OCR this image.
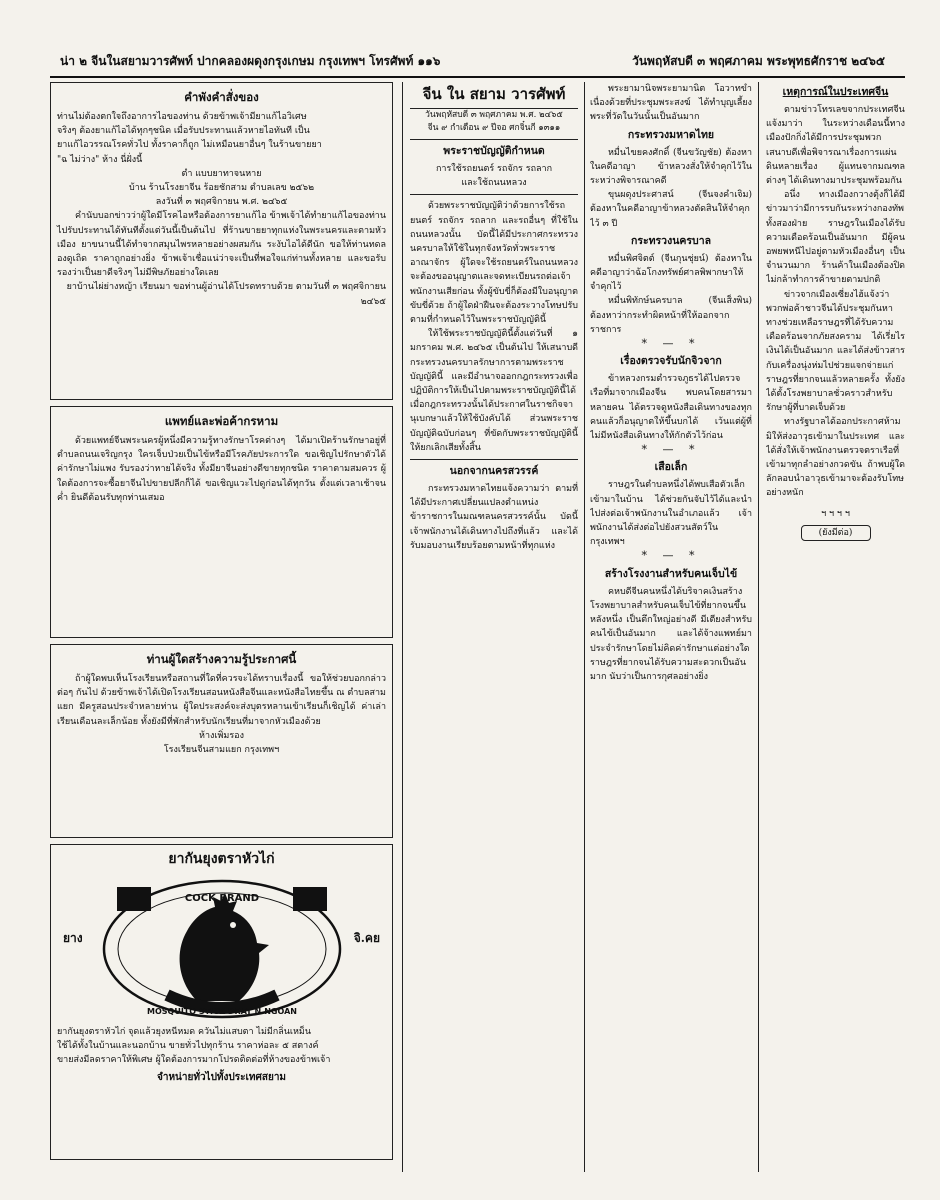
น่า ๒ จีนในสยามวารศัพท์ ปากคลองผดุงกรุงเกษม กรุงเทพฯ โทรศัพท์ ๑๑๖	วันพฤหัสบดี ๓ พฤศภาคม พระพุทธศักราช ๒๔๖๕
คำพังคำสั่งของ
ท่านไม่ต้องตกใจถึงอาการไอของท่าน ด้วยข้าพเจ้ามียาแก้ไอวิเศษ
จริงๆ ต้องยาแก้ไอได้ทุกๆชนิด เมื่อรับประทานแล้วหายไอทันที เป็น
ยาแก้ไอวรรณโรคทั่วไป ทั้งราคาก็ถูก ไม่เหมือนยาอื่นๆ ในร้านขายยา
"ฉ ไม่ว่าง" ห้าง นี่ฝั่งนี้
ตำ แบบยาทาจนหาย
บ้าน ร้านโรงยาจีน ร้อยชักสาม ตำบลเลข ๒๕๖๒
ลงวันที่ ๓ พฤศจิกายน พ.ศ. ๒๔๖๕
คำนับบอกข่าวว่าผู้ใดมีโรคไอหรือต้องการยาแก้ไอ ข้าพเจ้าได้ทำยาแก้ไอของท่านไปรับประทานได้ทันทีตั้งแต่วันนี้เป็นต้นไป ที่ร้านขายยาทุกแห่งในพระนครและตามหัวเมือง ยาขนานนี้ได้ทำจากสมุนไพรหลายอย่างผสมกัน ระงับไอได้ดีนัก ขอให้ท่านทดลองดูเถิด ราคาถูกอย่างยิ่ง ข้าพเจ้าเชื่อแน่ว่าจะเป็นที่พอใจแก่ท่านทั้งหลาย และขอรับรองว่าเป็นยาดีจริงๆ ไม่มีพิษภัยอย่างใดเลย
ยาบ้านไผ่ย่างหญ้า เรียนมา ขอท่านผู้อ่านได้โปรดทราบด้วย ตามวันที่ ๓ พฤศจิกายน ๒๔๖๕
แพทย์และพ่อค้ากรหาม
ด้วยแพทย์จีนพระนครผู้หนึ่งมีความรู้ทางรักษาโรคต่างๆ ได้มาเปิดร้านรักษาอยู่ที่ตำบลถนนเจริญกรุง ใครเจ็บป่วยเป็นไข้หรือมีโรคภัยประการใด ขอเชิญไปรักษาตัวได้ ค่ารักษาไม่แพง รับรองว่าหายได้จริง ทั้งมียาจีนอย่างดีขายทุกชนิด ราคาตามสมควร ผู้ใดต้องการจะซื้อยาจีนไปขายปลีกก็ได้ ขอเชิญแวะไปดูก่อนได้ทุกวัน ตั้งแต่เวลาเช้าจนค่ำ ยินดีต้อนรับทุกท่านเสมอ
ท่านผู้ใดสร้างความรู้ประกาศนี้
ถ้าผู้ใดพบเห็นโรงเรียนหรือสถานที่ใดที่ควรจะได้ทราบเรื่องนี้ ขอให้ช่วยบอกกล่าวต่อๆ กันไป ด้วยข้าพเจ้าได้เปิดโรงเรียนสอนหนังสือจีนและหนังสือไทยขึ้น ณ ตำบลสามแยก มีครูสอนประจำหลายท่าน ผู้ใดประสงค์จะส่งบุตรหลานเข้าเรียนก็เชิญได้ ค่าเล่าเรียนเดือนละเล็กน้อย ทั้งยังมีที่พักสำหรับนักเรียนที่มาจากหัวเมืองด้วย
ห้างเพิ่มรอง
โรงเรียนจีนสามแยก กรุงเทพฯ
ยากันยุงตราหัวไก่
ยาง	จิ.คย
COCK BRAND
MOSQUITO STICK DRAT N.NGOAN
ยากันยุงตราหัวไก่ จุดแล้วยุงหนีหมด ควันไม่แสบตา ไม่มีกลิ่นเหม็น
ใช้ได้ทั้งในบ้านและนอกบ้าน ขายทั่วไปทุกร้าน ราคาห่อละ ๕ สตางค์
ขายส่งมีลดราคาให้พิเศษ ผู้ใดต้องการมากโปรดติดต่อที่ห้างของข้าพเจ้า
จำหน่ายทั่วไปทั้งประเทศสยาม
จีน ใน สยาม วารศัพท์
วันพฤหัสบดี ๓ พฤศภาคม พ.ศ. ๒๔๖๕
จีน ๙ กำเดือน ๙ ปีจอ ศกจิ๋นกี ๑๓๑๑
พระราชบัญญัติกำหนด
การใช้รถยนตร์ รถจักร รถลาก
และใช้ถนนหลวง
ด้วยพระราชบัญญัติว่าด้วยการใช้รถยนตร์ รถจักร รถลาก และรถอื่นๆ ที่ใช้ในถนนหลวงนั้น บัดนี้ได้มีประกาศกระทรวงนครบาลให้ใช้ในทุกจังหวัดทั่วพระราชอาณาจักร ผู้ใดจะใช้รถยนตร์ในถนนหลวงจะต้องขออนุญาตและจดทะเบียนรถต่อเจ้าพนักงานเสียก่อน ทั้งผู้ขับขี่ก็ต้องมีใบอนุญาตขับขี่ด้วย ถ้าผู้ใดฝ่าฝืนจะต้องระวางโทษปรับตามที่กำหนดไว้ในพระราชบัญญัตินี้
ให้ใช้พระราชบัญญัตินี้ตั้งแต่วันที่ ๑ มกราคม พ.ศ. ๒๔๖๕ เป็นต้นไป ให้เสนาบดีกระทรวงนครบาลรักษาการตามพระราชบัญญัตินี้ และมีอำนาจออกกฎกระทรวงเพื่อปฏิบัติการให้เป็นไปตามพระราชบัญญัตินี้ได้ เมื่อกฎกระทรวงนั้นได้ประกาศในราชกิจจานุเบกษาแล้วให้ใช้บังคับได้ ส่วนพระราชบัญญัติฉบับก่อนๆ ที่ขัดกับพระราชบัญญัตินี้ให้ยกเลิกเสียทั้งสิ้น
นอกจากนครสวรรค์
กระทรวงมหาดไทยแจ้งความว่า ตามที่ได้มีประกาศเปลี่ยนแปลงตำแหน่งข้าราชการในมณฑลนครสวรรค์นั้น บัดนี้เจ้าพนักงานได้เดินทางไปถึงที่แล้ว และได้รับมอบงานเรียบร้อยตามหน้าที่ทุกแห่ง
พระยามานิจพระยามานิต โอวาทขำเนื่องด้วยที่ประชุมพระสงฆ์ ได้ทำบุญเลี้ยงพระที่วัดในวันนั้นเป็นอันมาก
กระทรวงมหาดไทย
หมื่นไขยคงศักดิ์ (จีนขวัญชัย) ต้องหาในคดีอาญา ข้าหลวงสั่งให้จำคุกไว้ในระหว่างพิจารณาคดี
ขุนผดุงประศาสน์ (จีนจงคำเจิม) ต้องหาในคดีอาญาข้าหลวงตัดสินให้จำคุกไว้ ๓ ปี
กระทรวงนครบาล
หมื่นพิศจิตต์ (จีนกุนชุ่ยน์) ต้องหาในคดีอาญาว่าฉ้อโกงทรัพย์ศาลพิพากษาให้จำคุกไว้
หมื่นพิทักษ์นครบาล (จีนเส็งพิน) ต้องหาว่ากระทำผิดหน้าที่ให้ออกจากราชการ
* — *
เรื่องตรวจรับนักจิวจาก
ข้าหลวงกรมตำรวจภูธรได้ไปตรวจเรือที่มาจากเมืองจีน พบคนโดยสารมาหลายคน ได้ตรวจดูหนังสือเดินทางของทุกคนแล้วก็อนุญาตให้ขึ้นบกได้ เว้นแต่ผู้ที่ไม่มีหนังสือเดินทางให้กักตัวไว้ก่อน
* — *
เสือเล็ก
ราษฎรในตำบลหนึ่งได้พบเสือตัวเล็กเข้ามาในบ้าน ได้ช่วยกันจับไว้ได้และนำไปส่งต่อเจ้าพนักงานในอำเภอแล้ว เจ้าพนักงานได้ส่งต่อไปยังสวนสัตว์ในกรุงเทพฯ
* — *
สร้างโรงงานสำหรับคนเจ็บไข้
คหบดีจีนคนหนึ่งได้บริจาคเงินสร้างโรงพยาบาลสำหรับคนเจ็บไข้ที่ยากจนขึ้นหลังหนึ่ง เป็นตึกใหญ่อย่างดี มีเตียงสำหรับคนไข้เป็นอันมาก และได้จ้างแพทย์มาประจำรักษาโดยไม่คิดค่ารักษาแต่อย่างใด ราษฎรที่ยากจนได้รับความสะดวกเป็นอันมาก นับว่าเป็นการกุศลอย่างยิ่ง
เหตุการณ์ในประเทศจีน
ตามข่าวโทรเลขจากประเทศจีนแจ้งมาว่า ในระหว่างเดือนนี้ทางเมืองปักกิ่งได้มีการประชุมพวกเสนาบดีเพื่อพิจารณาเรื่องการแผ่นดินหลายเรื่อง ผู้แทนจากมณฑลต่างๆ ได้เดินทางมาประชุมพร้อมกัน
อนึ่ง ทางเมืองกวางตุ้งก็ได้มีข่าวมาว่ามีการรบกันระหว่างกองทัพทั้งสองฝ่าย ราษฎรในเมืองได้รับความเดือดร้อนเป็นอันมาก มีผู้คนอพยพหนีไปอยู่ตามหัวเมืองอื่นๆ เป็นจำนวนมาก ร้านค้าในเมืองต้องปิดไม่กล้าทำการค้าขายตามปกติ
ข่าวจากเมืองเซี่ยงไฮ้แจ้งว่า พวกพ่อค้าชาวจีนได้ประชุมกันหาทางช่วยเหลือราษฎรที่ได้รับความเดือดร้อนจากภัยสงคราม ได้เรี่ยไรเงินได้เป็นอันมาก และได้ส่งข้าวสารกับเครื่องนุ่งห่มไปช่วยแจกจ่ายแก่ราษฎรที่ยากจนแล้วหลายครั้ง ทั้งยังได้ตั้งโรงพยาบาลชั่วคราวสำหรับรักษาผู้ที่บาดเจ็บด้วย
ทางรัฐบาลได้ออกประกาศห้ามมิให้ส่งอาวุธเข้ามาในประเทศ และได้สั่งให้เจ้าพนักงานตรวจตราเรือที่เข้ามาทุกลำอย่างกวดขัน ถ้าพบผู้ใดลักลอบนำอาวุธเข้ามาจะต้องรับโทษอย่างหนัก
ฯ ฯ ฯ ฯ
(ยังมีต่อ)
